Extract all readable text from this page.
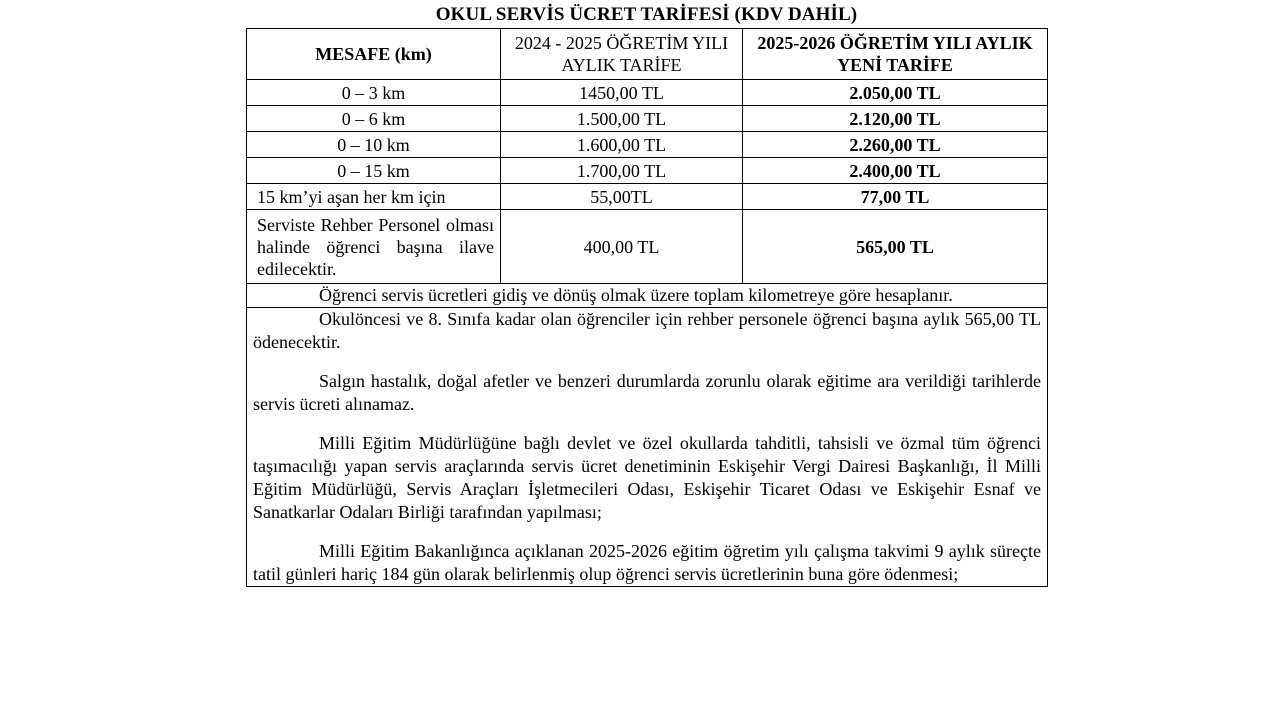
OKUL SERVİS ÜCRET TARİFESİ (KDV DAHİL)
MESAFE (km)	2024 - 2025 ÖĞRETİM YILI AYLIK TARİFE	2025-2026 ÖĞRETİM YILI AYLIK YENİ TARİFE
0 – 3 km	1450,00 TL	2.050,00 TL
0 – 6 km	1.500,00 TL	2.120,00 TL
0 – 10 km	1.600,00 TL	2.260,00 TL
0 – 15 km	1.700,00 TL	2.400,00 TL
15 km’yi aşan her km için	55,00TL	77,00 TL
Serviste Rehber Personel olması halinde öğrenci başına ilave edilecektir.	400,00 TL	565,00 TL

Öğrenci servis ücretleri gidiş ve dönüş olmak üzere toplam kilometreye göre hesaplanır.		

Okulöncesi ve 8. Sınıfa kadar olan öğrenciler için rehber personele öğrenci başına aylık 565,00 TL ödenecektir.

Salgın hastalık, doğal afetler ve benzeri durumlarda zorunlu olarak eğitime ara verildiği tarihlerde servis ücreti alınamaz.

Milli Eğitim Müdürlüğüne bağlı devlet ve özel okullarda tahditli, tahsisli ve özmal tüm öğrenci taşımacılığı yapan servis araçlarında servis ücret denetiminin Eskişehir Vergi Dairesi Başkanlığı, İl Milli Eğitim Müdürlüğü, Servis Araçları İşletmecileri Odası, Eskişehir Ticaret Odası ve Eskişehir Esnaf ve Sanatkarlar Odaları Birliği tarafından yapılması;

Milli Eğitim Bakanlığınca açıklanan 2025-2026 eğitim öğretim yılı çalışma takvimi 9 aylık süreçte tatil günleri hariç 184 gün olarak belirlenmiş olup öğrenci servis ücretlerinin buna göre ödenmesi;		
